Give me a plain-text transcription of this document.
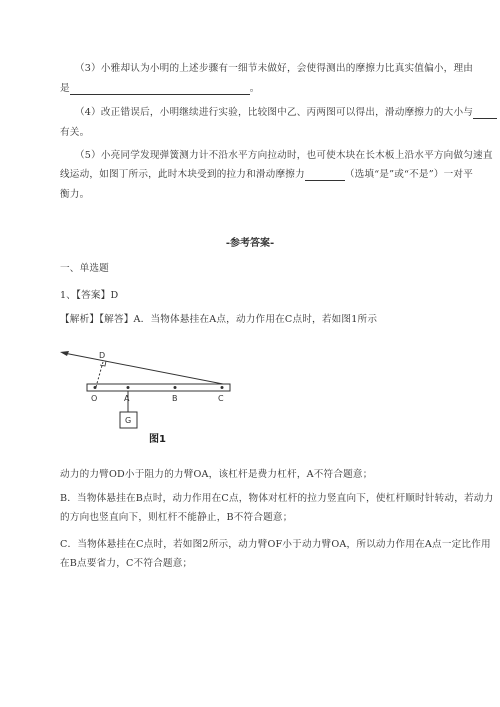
（3）小雅却认为小明的上述步骤有一细节未做好，会使得测出的摩擦力比真实值偏小，理由
是	。
（4）改正错误后，小明继续进行实验，比较图中乙、丙两图可以得出，滑动摩擦力的大小与
有关。
（5）小亮同学发现弹簧测力计不沿水平方向拉动时，也可使木块在长木板上沿水平方向做匀速直
线运动，如图丁所示，此时木块受到的拉力和滑动摩擦力	（选填“是”或“不是”）一对平
衡力。
-参考答案-
一、单选题
1、【答案】D
【解析】【解答】A．当物体悬挂在A点，动力作用在C点时，若如图1所示
D
O	A	B	C
G
图1
动力的力臂OD小于阻力的力臂OA，该杠杆是费力杠杆，A不符合题意；
B．当物体悬挂在B点时，动力作用在C点，物体对杠杆的拉力竖直向下，使杠杆顺时针转动，若动力
的方向也竖直向下，则杠杆不能静止，B不符合题意；
C．当物体悬挂在C点时，若如图2所示，动力臂OF小于动力臂OA，所以动力作用在A点一定比作用
在B点要省力，C不符合题意；
